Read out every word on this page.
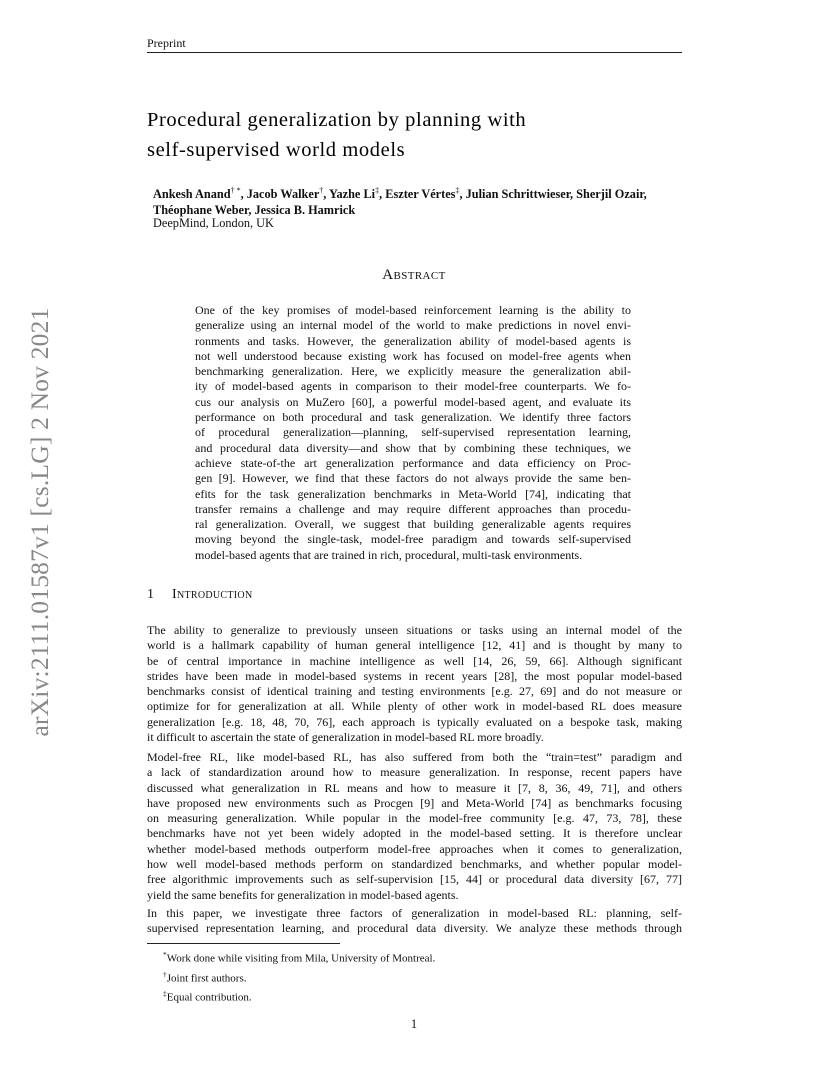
Preprint
arXiv:2111.01587v1 [cs.LG] 2 Nov 2021
Procedural generalization by planning with
self-supervised world models
Ankesh Anand† *, Jacob Walker†, Yazhe Li‡, Eszter Vértes‡, Julian Schrittwieser, Sherjil Ozair,
Théophane Weber, Jessica B. Hamrick
DeepMind, London, UK
Abstract
One of the key promises of model-based reinforcement learning is the ability to
generalize using an internal model of the world to make predictions in novel envi-
ronments and tasks. However, the generalization ability of model-based agents is
not well understood because existing work has focused on model-free agents when
benchmarking generalization. Here, we explicitly measure the generalization abil-
ity of model-based agents in comparison to their model-free counterparts. We fo-
cus our analysis on MuZero [60], a powerful model-based agent, and evaluate its
performance on both procedural and task generalization. We identify three factors
of procedural generalization—planning, self-supervised representation learning,
and procedural data diversity—and show that by combining these techniques, we
achieve state-of-the art generalization performance and data efficiency on Proc-
gen [9]. However, we find that these factors do not always provide the same ben-
efits for the task generalization benchmarks in Meta-World [74], indicating that
transfer remains a challenge and may require different approaches than procedu-
ral generalization. Overall, we suggest that building generalizable agents requires
moving beyond the single-task, model-free paradigm and towards self-supervised
model-based agents that are trained in rich, procedural, multi-task environments.
1 Introduction
The ability to generalize to previously unseen situations or tasks using an internal model of the
world is a hallmark capability of human general intelligence [12, 41] and is thought by many to
be of central importance in machine intelligence as well [14, 26, 59, 66]. Although significant
strides have been made in model-based systems in recent years [28], the most popular model-based
benchmarks consist of identical training and testing environments [e.g. 27, 69] and do not measure or
optimize for for generalization at all. While plenty of other work in model-based RL does measure
generalization [e.g. 18, 48, 70, 76], each approach is typically evaluated on a bespoke task, making
it difficult to ascertain the state of generalization in model-based RL more broadly.
Model-free RL, like model-based RL, has also suffered from both the “train=test” paradigm and
a lack of standardization around how to measure generalization. In response, recent papers have
discussed what generalization in RL means and how to measure it [7, 8, 36, 49, 71], and others
have proposed new environments such as Procgen [9] and Meta-World [74] as benchmarks focusing
on measuring generalization. While popular in the model-free community [e.g. 47, 73, 78], these
benchmarks have not yet been widely adopted in the model-based setting. It is therefore unclear
whether model-based methods outperform model-free approaches when it comes to generalization,
how well model-based methods perform on standardized benchmarks, and whether popular model-
free algorithmic improvements such as self-supervision [15, 44] or procedural data diversity [67, 77]
yield the same benefits for generalization in model-based agents.
In this paper, we investigate three factors of generalization in model-based RL: planning, self-
supervised representation learning, and procedural data diversity. We analyze these methods through
*Work done while visiting from Mila, University of Montreal.
†Joint first authors.
‡Equal contribution.
1
